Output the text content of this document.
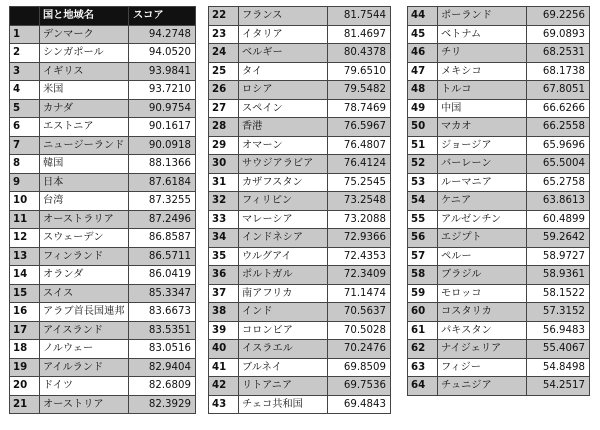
	国と地域名	スコア
1	デンマーク	94.2748
2	シンガポール	94.0520
3	イギリス	93.9841
4	米国	93.7210
5	カナダ	90.9754
6	エストニア	90.1617
7	ニュージーランド	90.0918
8	韓国	88.1366
9	日本	87.6184
10	台湾	87.3255
11	オーストラリア	87.2496
12	スウェーデン	86.8587
13	フィンランド	86.5711
14	オランダ	86.0419
15	スイス	85.3347
16	アラブ首長国連邦	83.6673
17	アイスランド	83.5351
18	ノルウェー	83.0516
19	アイルランド	82.9404
20	ドイツ	82.6809
21	オーストリア	82.3929
22	フランス	81.7544
23	イタリア	81.4697
24	ベルギー	80.4378
25	タイ	79.6510
26	ロシア	79.5482
27	スペイン	78.7469
28	香港	76.5967
29	オマーン	76.4807
30	サウジアラビア	76.4124
31	カザフスタン	75.2545
32	フィリピン	73.2548
33	マレーシア	73.2088
34	インドネシア	72.9366
35	ウルグアイ	72.4353
36	ポルトガル	72.3409
37	南アフリカ	71.1474
38	インド	70.5637
39	コロンビア	70.5028
40	イスラエル	70.2476
41	ブルネイ	69.8509
42	リトアニア	69.7536
43	チェコ共和国	69.4843
44	ポーランド	69.2256
45	ベトナム	69.0893
46	チリ	68.2531
47	メキシコ	68.1738
48	トルコ	67.8051
49	中国	66.6266
50	マカオ	66.2558
51	ジョージア	65.9696
52	バーレーン	65.5004
53	ルーマニア	65.2758
54	ケニア	63.8613
55	アルゼンチン	60.4899
56	エジプト	59.2642
57	ペルー	58.9727
58	ブラジル	58.9361
59	モロッコ	58.1522
60	コスタリカ	57.3152
61	パキスタン	56.9483
62	ナイジェリア	55.4067
63	フィジー	54.8498
64	チュニジア	54.2517
